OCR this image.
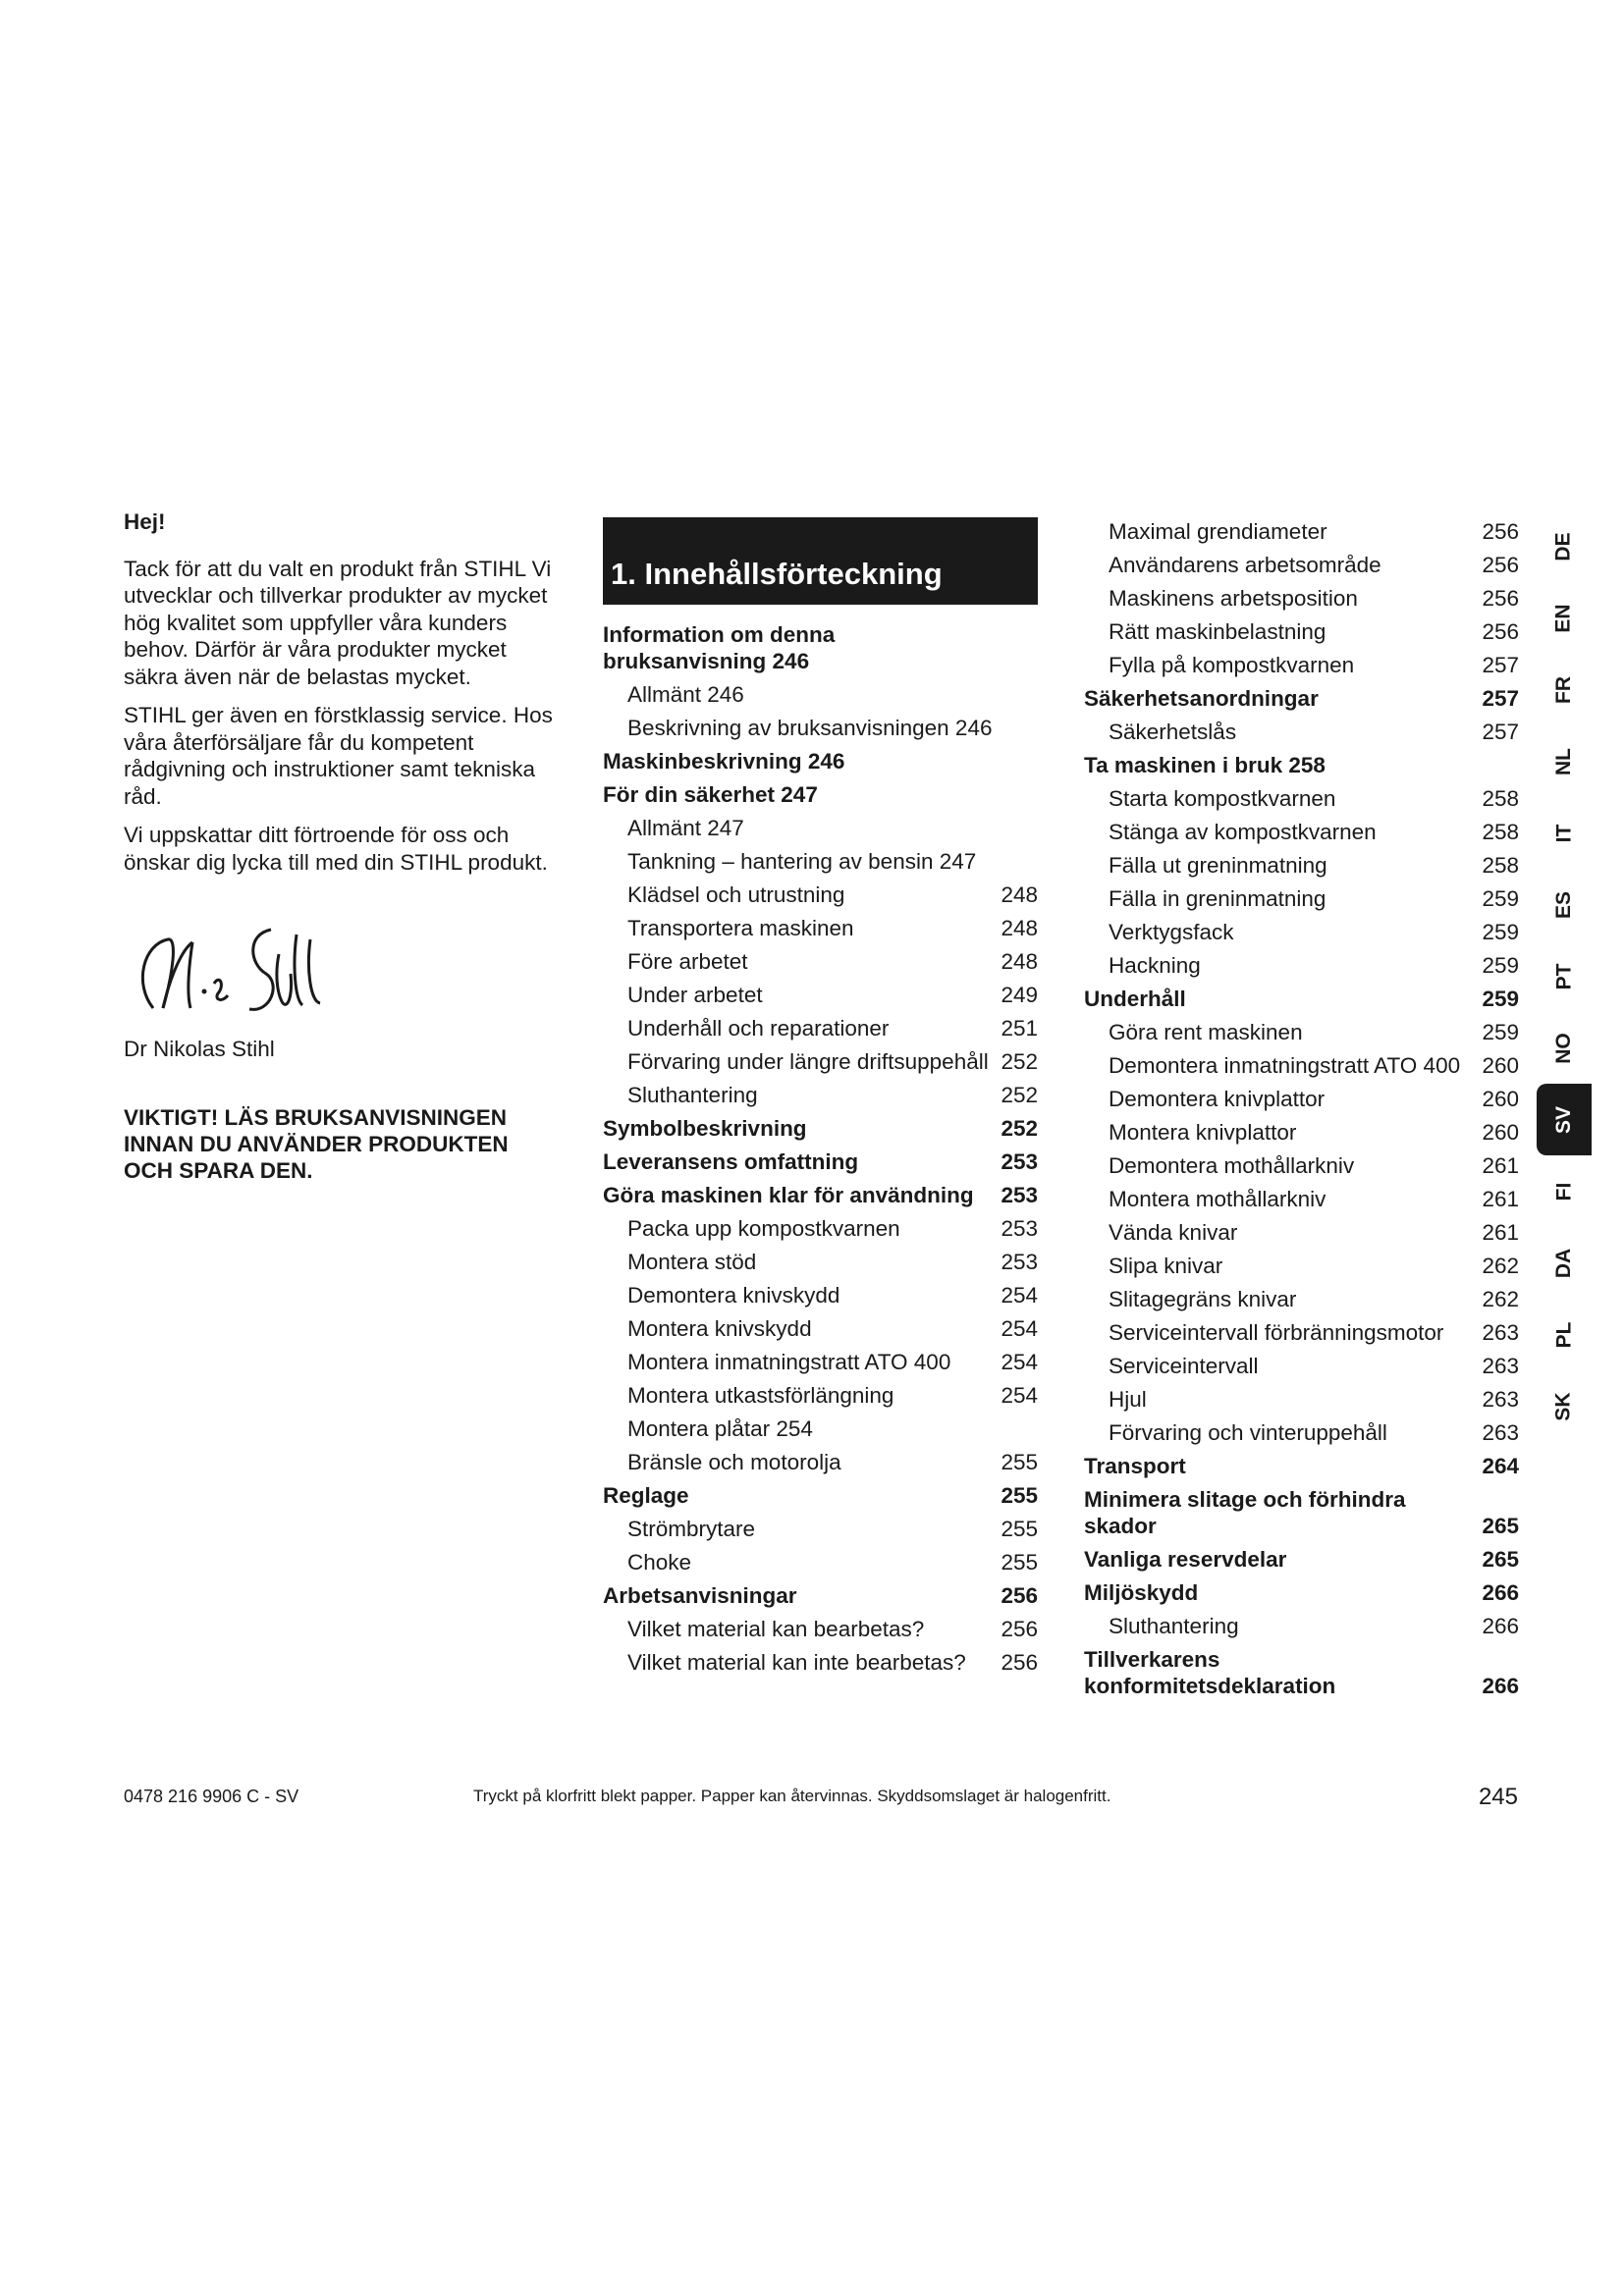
Hej!

Tack för att du valt en produkt från STIHL Vi utvecklar och tillverkar produkter av mycket hög kvalitet som uppfyller våra kunders behov. Därför är våra produkter mycket säkra även när de belastas mycket.

STIHL ger även en förstklassig service. Hos våra återförsäljare får du kompetent rådgivning och instruktioner samt tekniska råd.

Vi uppskattar ditt förtroende för oss och önskar dig lycka till med din STIHL produkt.

Dr Nikolas Stihl

VIKTIGT! LÄS BRUKSANVISNINGEN INNAN DU ANVÄNDER PRODUKTEN OCH SPARA DEN.

1. Innehållsförteckning
Information om denna bruksanvisning 246
Allmänt 246
Beskrivning av bruksanvisningen 246
Maskinbeskrivning 246
För din säkerhet 247
Allmänt 247
Tankning – hantering av bensin 247
Klädsel och utrustning	248
Transportera maskinen	248
Före arbetet	248
Under arbetet	249
Underhåll och reparationer	251
Förvaring under längre driftsuppehåll 252
Sluthantering	252
Symbolbeskrivning	252
Leveransens omfattning	253
Göra maskinen klar för användning	253
Packa upp kompostkvarnen	253
Montera stöd	253
Demontera knivskydd	254
Montera knivskydd	254
Montera inmatningstratt ATO 400	254
Montera utkastsförlängning	254
Montera plåtar 254
Bränsle och motorolja	255
Reglage	255
Strömbrytare	255
Choke	255
Arbetsanvisningar	256
Vilket material kan bearbetas?	256
Vilket material kan inte bearbetas?	256
Maximal grendiameter	256
Användarens arbetsområde	256
Maskinens arbetsposition	256
Rätt maskinbelastning	256
Fylla på kompostkvarnen	257
Säkerhetsanordningar	257
Säkerhetslås	257
Ta maskinen i bruk 258
Starta kompostkvarnen	258
Stänga av kompostkvarnen	258
Fälla ut greninmatning	258
Fälla in greninmatning	259
Verktygsfack	259
Hackning	259
Underhåll	259
Göra rent maskinen	259
Demontera inmatningstratt ATO 400 260
Demontera knivplattor	260
Montera knivplattor	260
Demontera mothållarkniv	261
Montera mothållarkniv	261
Vända knivar	261
Slipa knivar	262
Slitagegräns knivar	262
Serviceintervall förbränningsmotor	263
Serviceintervall	263
Hjul	263
Förvaring och vinteruppehåll	263
Transport	264
Minimera slitage och förhindra skador	265
Vanliga reservdelar	265
Miljöskydd	266
Sluthantering	266
Tillverkarens konformitetsdeklaration	266
DE
EN
FR
NL
IT
ES
PT
NO
SV
FI
DA
PL
SK
0478 216 9906 C - SV	Tryckt på klorfritt blekt papper. Papper kan återvinnas. Skyddsomslaget är halogenfritt.	245
